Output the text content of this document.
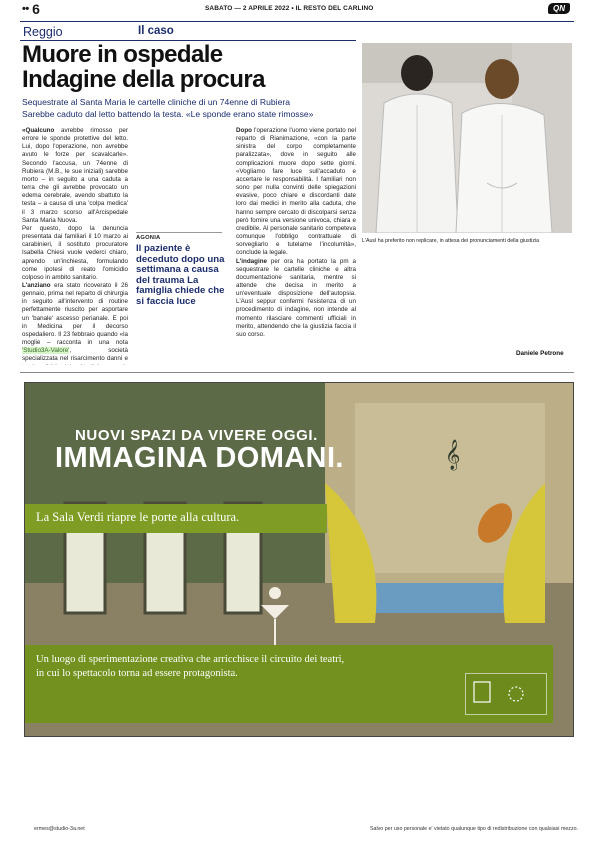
•• 6	SABATO — 2 APRILE 2022 • IL RESTO DEL CARLINO	QN
Reggio	Il caso
Muore in ospedale
Indagine della procura
Sequestrate al Santa Maria le cartelle cliniche di un 74enne di Rubiera
Sarebbe caduto dal letto battendo la testa. «Le sponde erano state rimosse»
«Qualcuno avrebbe rimosso per errore le sponde protettive del letto. Lui, dopo l'operazione, non avrebbe avuto le forze per scavalcarle». Secondo l'accusa, un 74enne di Rubiera (M.B., le sue iniziali) sarebbe morto – in seguito a una caduta a terra che gli avrebbe provocato un edema cerebrale, avendo sbattuto la testa – a causa di una 'colpa medica' il 3 marzo scorso all'Arcispedale Santa Maria Nuova.
Per questo, dopo la denuncia presentata dai familiari il 10 marzo ai carabinieri, il sostituto procuratore Isabella Chiesi vuole vederci chiaro, aprendo un'inchiesta, formulando come ipotesi di reato l'omicidio colposo in ambito sanitario.
L'anziano era stato ricoverato il 26 gennaio, prima nel reparto di chirurgia in seguito all'intervento di routine perfettamente riuscito per asportare un 'banale' ascesso perianale. E poi in Medicina per il decorso ospedaliero. Il 23 febbraio quando «la moglie – racconta in una nota 'Studio3A-Valore', società specializzata nel risarcimento danni e
AGONIA
Il paziente è deceduto dopo una settimana a causa del trauma La famiglia chiede che si faccia luce
Dopo l'operazione l'uomo viene portato nel reparto di Rianimazione, «con la parte sinistra del corpo completamente paralizzata», dove in seguito alle complicazioni muore dopo sette giorni. «Vogliamo fare luce sull'accaduto e accertare le responsabilità. I familiari non sono per nulla convinti delle spiegazioni evasive, poco chiare e discordanti date loro dai medici in merito alla caduta, che hanno sempre cercato di discolparsi senza però fornire una versione univoca, chiara e credibile. Al personale sanitario competeva comunque l'obbligo contrattuale di sorvegliarlo e tutelarne l'incolumità», conclude la legale.
L'indagine per ora ha portato la pm a sequestrare le cartelle cliniche e altra documentazione sanitaria, mentre si attende che decisa in merito a un'eventuale disposizione dell'autopsia. L'Ausl seppur confermi l'esistenza di un procedimento di indagine, non intende al momento rilasciare commenti ufficiali in merito, attendendo che la giustizia faccia il suo corso.
L'Ausl ha preferito non replicare, in attesa dei pronunciamenti della giustizia
Daniele Petrone
𝄞
NUOVI SPAZI DA VIVERE OGGI.
IMMAGINA DOMANI.
La Sala Verdi riapre le porte alla cultura.
Un luogo di sperimentazione creativa che arricchisce il circuito dei teatri,
in cui lo spettacolo torna ad essere protagonista.
ermes@studio-3a.net	Salvo per uso personale e' vietato qualunque tipo di redistribuzione con qualsiasi mezzo.
